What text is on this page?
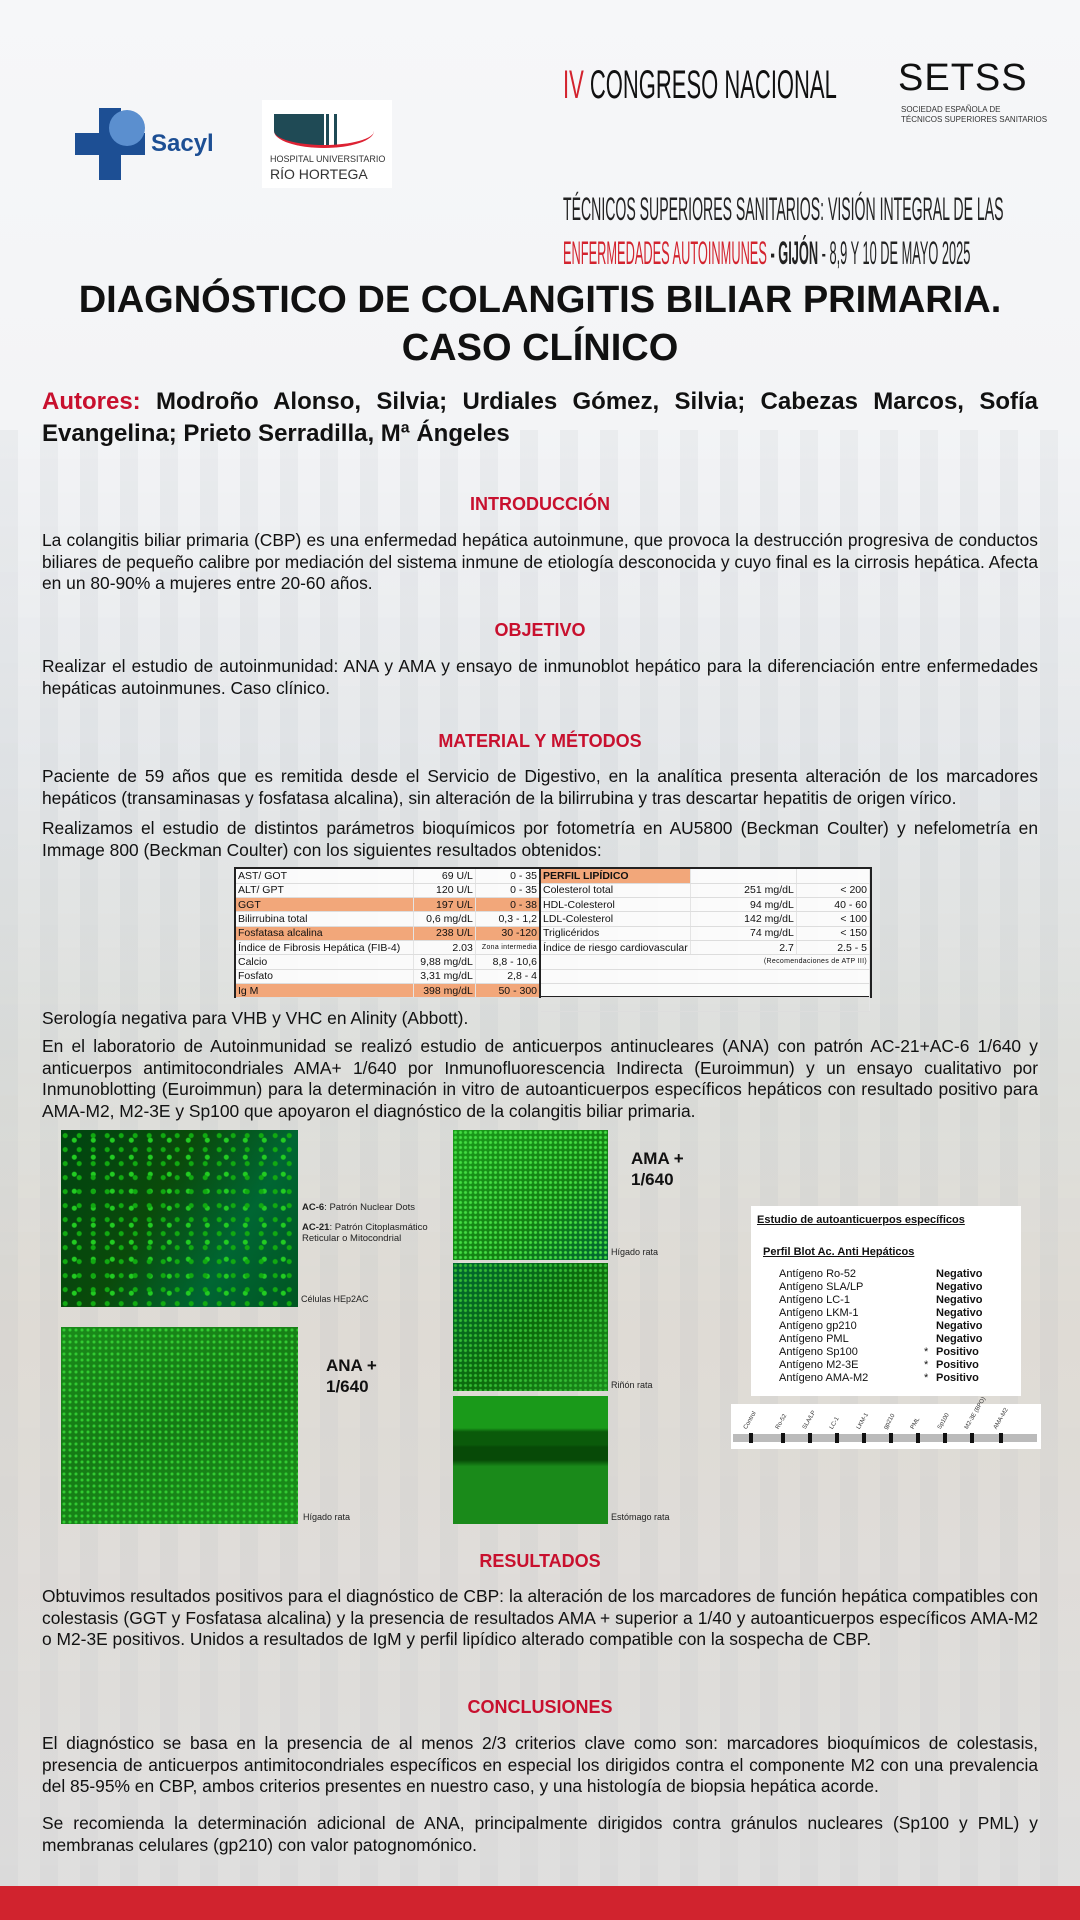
Sacyl
HOSPITAL UNIVERSITARIO
RÍO HORTEGA
IV CONGRESO NACIONAL SETSS
SOCIEDAD ESPAÑOLA DE
TÉCNICOS SUPERIORES SANITARIOS
TÉCNICOS SUPERIORES SANITARIOS: VISIÓN INTEGRAL DE LAS
ENFERMEDADES AUTOINMUNES - GIJÓN - 8,9 Y 10 DE MAYO 2025
DIAGNÓSTICO DE COLANGITIS BILIAR PRIMARIA.
CASO CLÍNICO
Autores: Modroño Alonso, Silvia; Urdiales Gómez, Silvia; Cabezas Marcos, Sofía Evangelina; Prieto Serradilla, Mª Ángeles
INTRODUCCIÓN
La colangitis biliar primaria (CBP) es una enfermedad hepática autoinmune, que provoca la destrucción progresiva de conductos biliares de pequeño calibre por mediación del sistema inmune de etiología desconocida y cuyo final es la cirrosis hepática. Afecta en un 80-90% a mujeres entre 20-60 años.
OBJETIVO
Realizar el estudio de autoinmunidad: ANA y AMA y ensayo de inmunoblot hepático para la diferenciación entre enfermedades hepáticas autoinmunes. Caso clínico.
MATERIAL Y MÉTODOS
Paciente de 59 años que es remitida desde el Servicio de Digestivo, en la analítica presenta alteración de los marcadores hepáticos (transaminasas y fosfatasa alcalina), sin alteración de la bilirrubina y tras descartar hepatitis de origen vírico.
Realizamos el estudio de distintos parámetros bioquímicos por fotometría en AU5800 (Beckman Coulter) y nefelometría en Immage 800 (Beckman Coulter) con los siguientes resultados obtenidos:
AST/ GOT	69 U/L	0 - 35
ALT/ GPT	120 U/L	0 - 35
GGT	197 U/L	0 - 38
Bilirrubina total	0,6 mg/dL	0,3 - 1,2
Fosfatasa alcalina	238 U/L	30 -120
Índice de Fibrosis Hepática (FIB-4)	2.03	Zona intermedia
Calcio	9,88 mg/dL	8,8 - 10,6
Fosfato	3,31 mg/dL	2,8 - 4
Ig M	398 mg/dL	50 - 300
PERFIL LIPÍDICO		
Colesterol total	251 mg/dL	< 200
HDL-Colesterol	94 mg/dL	40 - 60
LDL-Colesterol	142 mg/dL	< 100
Triglicéridos	74 mg/dL	< 150
Índice de riesgo cardiovascular	2.7	2.5 - 5
(Recomendaciones de ATP III)		

Serología negativa para VHB y VHC en Alinity (Abbott).
En el laboratorio de Autoinmunidad se realizó estudio de anticuerpos antinucleares (ANA) con patrón AC-21+AC-6 1/640 y anticuerpos antimitocondriales AMA+ 1/640 por Inmunofluorescencia Indirecta (Euroimmun) y un ensayo cualitativo por Inmunoblotting (Euroimmun) para la determinación in vitro de autoanticuerpos específicos hepáticos con resultado positivo para AMA-M2, M2-3E y Sp100 que apoyaron el diagnóstico de la colangitis biliar primaria.
AC-6: Patrón Nuclear Dots
AC-21: Patrón Citoplasmático Reticular o Mitocondrial
Células HEp2AC
ANA +
1/640
Hígado rata
AMA +
1/640
Hígado rata
Riñón rata
Estómago rata
Estudio de autoanticuerpos específicos
Perfil Blot Ac. Anti Hepáticos
Antígeno Ro-52	Negativo
Antígeno SLA/LP	Negativo
Antígeno LC-1	Negativo
Antígeno LKM-1	Negativo
Antígeno gp210	Negativo
Antígeno PML	Negativo
Antígeno Sp100	* Positivo
Antígeno M2-3E	* Positivo
Antígeno AMA-M2	* Positivo
Control	Ro-52 SLA/LP LC-1	LKM-1 gp210 PML	Sp100 M2-3E (BPO) AMA-M2
RESULTADOS
Obtuvimos resultados positivos para el diagnóstico de CBP: la alteración de los marcadores de función hepática compatibles con colestasis (GGT y Fosfatasa alcalina) y la presencia de resultados AMA + superior a 1/40 y autoanticuerpos específicos AMA-M2 o M2-3E positivos. Unidos a resultados de IgM y perfil lipídico alterado compatible con la sospecha de CBP.
CONCLUSIONES
El diagnóstico se basa en la presencia de al menos 2/3 criterios clave como son: marcadores bioquímicos de colestasis, presencia de anticuerpos antimitocondriales específicos en especial los dirigidos contra el componente M2 con una prevalencia del 85-95% en CBP, ambos criterios presentes en nuestro caso, y una histología de biopsia hepática acorde.
Se recomienda la determinación adicional de ANA, principalmente dirigidos contra gránulos nucleares (Sp100 y PML) y membranas celulares (gp210) con valor patognomónico.
